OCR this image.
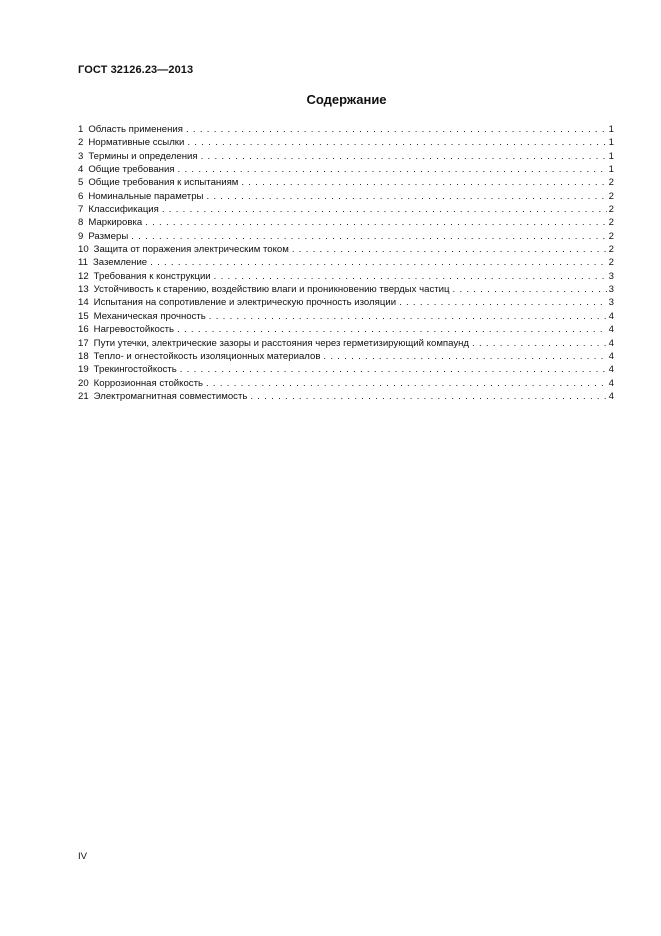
ГОСТ 32126.23—2013
Содержание
1 Область применения . . .	1
2 Нормативные ссылки . . .	1
3 Термины и определения . . .	1
4 Общие требования . . .	1
5 Общие требования к испытаниям . . .	2
6 Номинальные параметры . . .	2
7 Классификация . . .	2
8 Маркировка . . .	2
9 Размеры . . .	2
10 Защита от поражения электрическим током . . .	2
11 Заземление . . .	2
12 Требования к конструкции . . .	3
13 Устойчивость к старению, воздействию влаги и проникновению твердых частиц . . .	3
14 Испытания на сопротивление и электрическую прочность изоляции . . .	3
15 Механическая прочность . . .	4
16 Нагревостойкость . . .	4
17 Пути утечки, электрические зазоры и расстояния через герметизирующий компаунд . . .	4
18 Тепло- и огнестойкость изоляционных материалов . . .	4
19 Трекингостойкость . . .	4
20 Коррозионная стойкость . . .	4
21 Электромагнитная совместимость . . .	4
IV
